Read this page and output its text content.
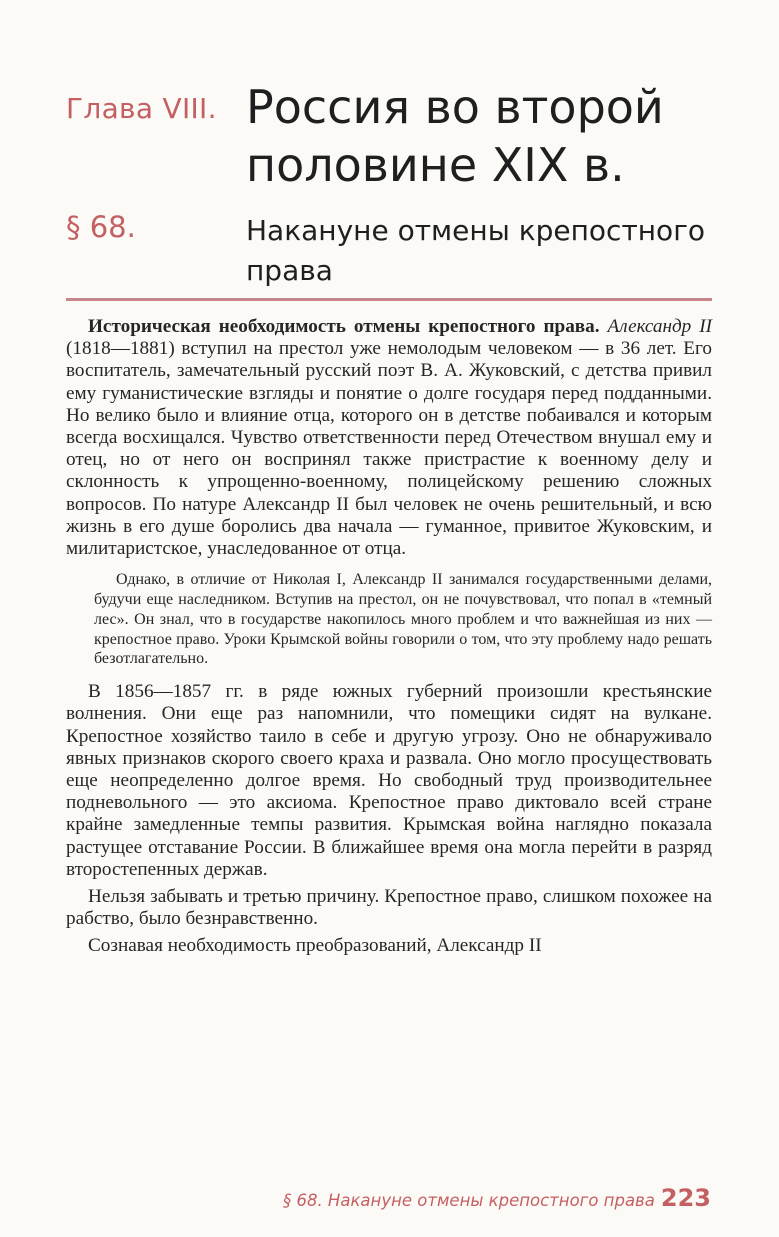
Глава VIII. Россия во второй половине XIX в.
§ 68.	Накануне отмены крепостного права

Историческая необходимость отмены крепостного права. Александр II (1818—1881) вступил на престол уже немолодым человеком — в 36 лет. Его воспитатель, замечательный русский поэт В. А. Жуковский, с детства привил ему гуманистические взгляды и понятие о долге государя перед подданными. Но велико было и влияние отца, которого он в детстве побаивался и которым всегда восхищался. Чувство ответственности перед Отечеством внушал ему и отец, но от него он воспринял также пристрастие к военному делу и склонность к упрощенно-военному, полицейскому решению сложных вопросов. По натуре Александр II был человек не очень решительный, и всю жизнь в его душе боролись два начала — гуманное, привитое Жуковским, и милитаристское, унаследованное от отца.

Однако, в отличие от Николая I, Александр II занимался государственными делами, будучи еще наследником. Вступив на престол, он не почувствовал, что попал в «темный лес». Он знал, что в государстве накопилось много проблем и что важнейшая из них — крепостное право. Уроки Крымской войны говорили о том, что эту проблему надо решать безотлагательно.

В 1856—1857 гг. в ряде южных губерний произошли крестьянские волнения. Они еще раз напомнили, что помещики сидят на вулкане. Крепостное хозяйство таило в себе и другую угрозу. Оно не обнаруживало явных признаков скорого своего краха и развала. Оно могло просуществовать еще неопределенно долгое время. Но свободный труд производительнее подневольного — это аксиома. Крепостное право диктовало всей стране крайне замедленные темпы развития. Крымская война наглядно показала растущее отставание России. В ближайшее время она могла перейти в разряд второстепенных держав.

Нельзя забывать и третью причину. Крепостное право, слишком похожее на рабство, было безнравственно.

Сознавая необходимость преобразований, Александр II

§ 68. Накануне отмены крепостного права 223
